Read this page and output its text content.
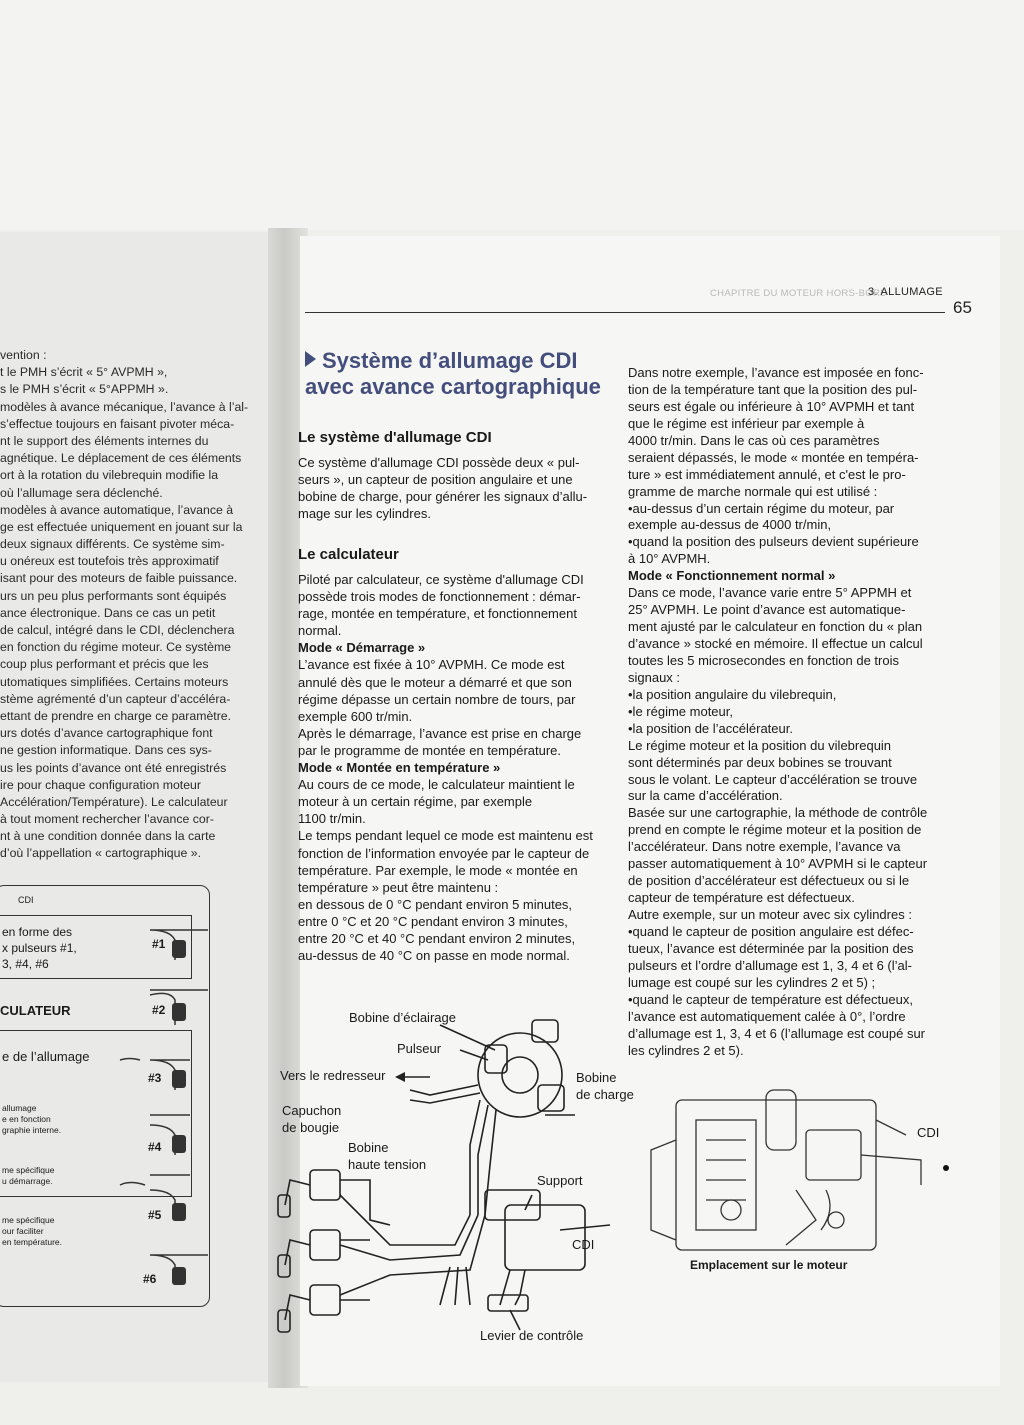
vention :
t le PMH s’écrit « 5° AVPMH »,
s le PMH s’écrit « 5°APPMH ».
modèles à avance mécanique, l’avance à l’al-
s’effectue toujours en faisant pivoter méca-
nt le support des éléments internes du
agnétique. Le déplacement de ces éléments
ort à la rotation du vilebrequin modifie la
où l’allumage sera déclenché.
modèles à avance automatique, l’avance à
ge est effectuée uniquement en jouant sur la
deux signaux différents. Ce système sim-
u onéreux est toutefois très approximatif
isant pour des moteurs de faible puissance.
urs un peu plus performants sont équipés
ance électronique. Dans ce cas un petit
de calcul, intégré dans le CDI, déclenchera
en fonction du régime moteur. Ce système
coup plus performant et précis que les
utomatiques simplifiées. Certains moteurs
stème agrémenté d’un capteur d’accéléra-
ettant de prendre en charge ce paramètre.
urs dotés d’avance cartographique font
ne gestion informatique. Dans ces sys-
us les points d’avance ont été enregistrés
ire pour chaque configuration moteur
Accélération/Température). Le calculateur
à tout moment rechercher l’avance cor-
nt à une condition donnée dans la carte
d’où l’appellation « cartographique ».
CDI
en forme des
x pulseurs #1,
3, #4, #6
CULATEUR
e de l’allumage
allumage
e en fonction
graphie interne.
me spécifique
u démarrage.
me spécifique
our faciliter
en température.
#1
#2
#3
#4
#5
#6
CHAPITRE DU MOTEUR HORS-BORD
3. ALLUMAGE
65
Système d’allumage CDI
avec avance cartographique
Le système d'allumage CDI
Ce système d'allumage CDI possède deux « pul-
seurs », un capteur de position angulaire et une
bobine de charge, pour générer les signaux d’allu-
mage sur les cylindres.
Le calculateur
Piloté par calculateur, ce système d'allumage CDI
possède trois modes de fonctionnement : démar-
rage, montée en température, et fonctionnement
normal.
Mode « Démarrage »
L’avance est fixée à 10° AVPMH. Ce mode est
annulé dès que le moteur a démarré et que son
régime dépasse un certain nombre de tours, par
exemple 600 tr/min.
Après le démarrage, l’avance est prise en charge
par le programme de montée en température.
Mode « Montée en température »
Au cours de ce mode, le calculateur maintient le
moteur à un certain régime, par exemple
1100 tr/min.
Le temps pendant lequel ce mode est maintenu est
fonction de l’information envoyée par le capteur de
température. Par exemple, le mode « montée en
température » peut être maintenu :
en dessous de 0 °C pendant environ 5 minutes,
entre 0 °C et 20 °C pendant environ 3 minutes,
entre 20 °C et 40 °C pendant environ 2 minutes,
au-dessus de 40 °C on passe en mode normal.
Dans notre exemple, l’avance est imposée en fonc-
tion de la température tant que la position des pul-
seurs est égale ou inférieure à 10° AVPMH et tant
que le régime est inférieur par exemple à
4000 tr/min. Dans le cas où ces paramètres
seraient dépassés, le mode « montée en tempéra-
ture » est immédiatement annulé, et c'est le pro-
gramme de marche normale qui est utilisé :
•au-dessus d’un certain régime du moteur, par
exemple au-dessus de 4000 tr/min,
•quand la position des pulseurs devient supérieure
à 10° AVPMH.
Mode « Fonctionnement normal »
Dans ce mode, l’avance varie entre 5° APPMH et
25° AVPMH. Le point d’avance est automatique-
ment ajusté par le calculateur en fonction du « plan
d’avance » stocké en mémoire. Il effectue un calcul
toutes les 5 microsecondes en fonction de trois
signaux :
•la position angulaire du vilebrequin,
•le régime moteur,
•la position de l’accélérateur.
Le régime moteur et la position du vilebrequin
sont déterminés par deux bobines se trouvant
sous le volant. Le capteur d’accélération se trouve
sur la came d’accélération.
Basée sur une cartographie, la méthode de contrôle
prend en compte le régime moteur et la position de
l’accélérateur. Dans notre exemple, l’avance va
passer automatiquement à 10° AVPMH si le capteur
de position d’accélérateur est défectueux ou si le
capteur de température est défectueux.
Autre exemple, sur un moteur avec six cylindres :
•quand le capteur de position angulaire est défec-
tueux, l’avance est déterminée par la position des
pulseurs et l’ordre d’allumage est 1, 3, 4 et 6 (l’al-
lumage est coupé sur les cylindres 2 et 5) ;
•quand le capteur de température est défectueux,
l’avance est automatiquement calée à 0°, l’ordre
d’allumage est 1, 3, 4 et 6 (l’allumage est coupé sur
les cylindres 2 et 5).
Bobine d’éclairage
Pulseur
Vers le redresseur	Bobine
de charge
Capuchon
de bougie
Bobine
haute tension
Support
CDI
Levier de contrôle
CDI
Emplacement sur le moteur
